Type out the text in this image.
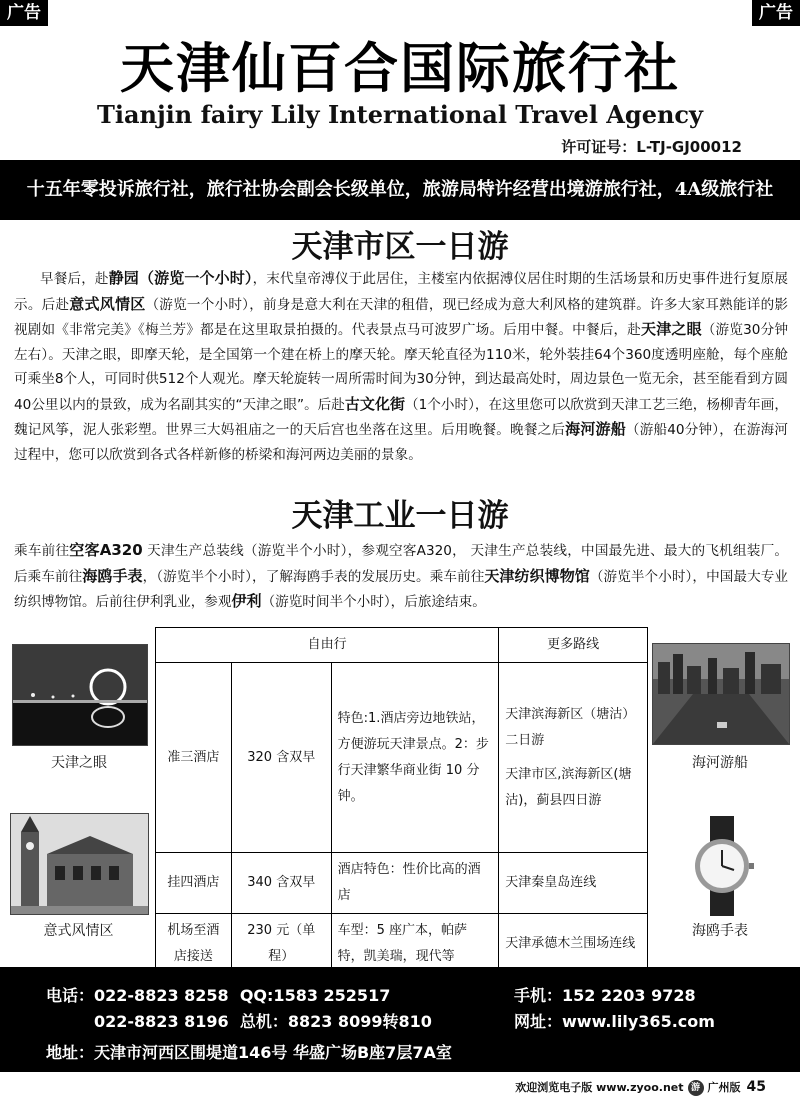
广告	广告
天津仙百合国际旅行社
Tianjin fairy Lily International Travel Agency
许可证号：L-TJ-GJ00012
十五年零投诉旅行社，旅行社协会副会长级单位，旅游局特许经营出境游旅行社，4A级旅行社
天津市区一日游
早餐后，赴静园（游览一个小时），末代皇帝溥仪于此居住，主楼室内依据溥仪居住时期的生活场景和历史事件进行复原展示。后赴意式风情区（游览一个小时），前身是意大利在天津的租借，现已经成为意大利风格的建筑群。许多大家耳熟能详的影视剧如《非常完美》《梅兰芳》都是在这里取景拍摄的。代表景点马可波罗广场。后用中餐。中餐后，赴天津之眼（游览30分钟左右）。天津之眼，即摩天轮，是全国第一个建在桥上的摩天轮。摩天轮直径为110米，轮外装挂64个360度透明座舱，每个座舱可乘坐8个人，可同时供512个人观光。摩天轮旋转一周所需时间为30分钟，到达最高处时，周边景色一览无余，甚至能看到方圆40公里以内的景致，成为名副其实的“天津之眼”。后赴古文化街（1个小时），在这里您可以欣赏到天津工艺三绝，杨柳青年画，魏记风筝，泥人张彩塑。世界三大妈祖庙之一的天后宫也坐落在这里。后用晚餐。晚餐之后海河游船（游船40分钟），在游海河过程中，您可以欣赏到各式各样新修的桥梁和海河两边美丽的景象。
天津工业一日游
乘车前往空客A320 天津生产总装线（游览半个小时），参观空客A320， 天津生产总装线，中国最先进、最大的飞机组装厂。后乘车前往海鸥手表，（游览半个小时），了解海鸥手表的发展历史。乘车前往天津纺织博物馆（游览半个小时），中国最大专业纺织博物馆。后前往伊利乳业，参观伊利（游览时间半个小时），后旅途结束。
天津之眼
意式风情区
海河游船
海鸥手表
自由行			更多路线
准三酒店	320 含双早	特色:1.酒店旁边地铁站，方便游玩天津景点。2：步行天津繁华商业街 10 分钟。	天津滨海新区（塘沽）二日游
天津市区,滨海新区(塘沽)，蓟县四日游

挂四酒店	340 含双早	酒店特色：性价比高的酒店	天津秦皇岛连线
机场至酒店接送	230 元（单程）	车型：5 座广本，帕萨特，凯美瑞，现代等	天津承德木兰围场连线
电话：022-8823 8258 QQ:1583 252517
022-8823 8196 总机：8823 8099转810
手机：152 2203 9728
网址：www.lily365.com
地址：天津市河西区围堤道146号 华盛广场B座7层7A室
欢迎浏览电子版 www.zyoo.net 游 广州版 45
